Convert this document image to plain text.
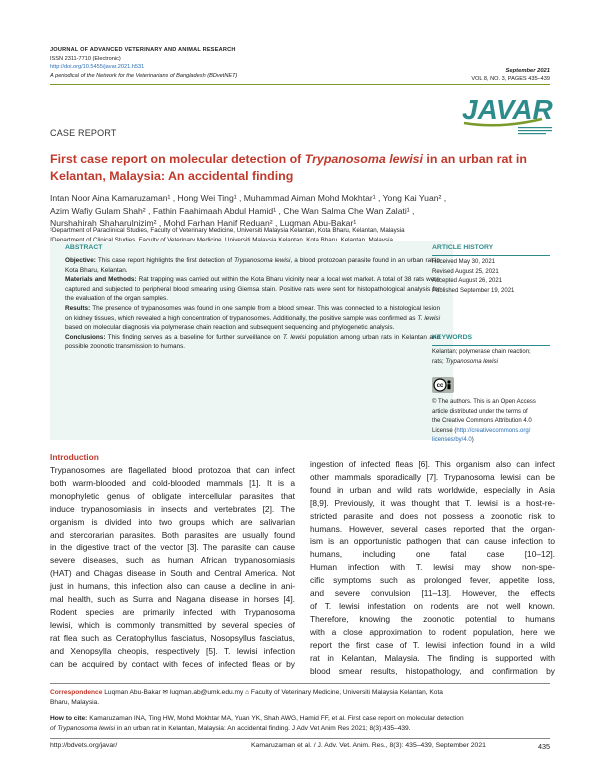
JOURNAL OF ADVANCED VETERINARY AND ANIMAL RESEARCH
ISSN 2311-7710 (Electronic)
http://doi.org/10.5455/javar.2021.h531
A periodical of the Network for the Veterinarians of Bangladesh (BDvetNET)
September 2021
VOL 8, NO. 3, PAGES 435–439
JAVAR
CASE REPORT
First case report on molecular detection of Trypanosoma lewisi in an urban rat in Kelantan, Malaysia: An accidental finding
Intan Noor Aina Kamaruzaman¹ , Hong Wei Ting¹ , Muhammad Aiman Mohd Mokhtar¹ , Yong Kai Yuan² ,
Azim Wafiy Gulam Shah² , Fathin Faahimaah Abdul Hamid¹ , Che Wan Salma Che Wan Zalati¹ ,
Nurshahirah Shaharulnizim² , Mohd Farhan Hanif Reduan² , Luqman Abu-Bakar¹
¹Department of Paraclinical Studies, Faculty of Veterinary Medicine, Universiti Malaysia Kelantan, Kota Bharu, Kelantan, Malaysia
ABSTRACT

Objective: This case report highlights the first detection of Trypanosoma lewisi, a blood protozoan parasite found in an urban rat in Kota Bharu, Kelantan.

Materials and Methods: Rat trapping was carried out within the Kota Bharu vicinity near a local wet market. A total of 38 rats were captured and subjected to peripheral blood smearing using Giemsa stain. Positive rats were sent for histopathological analysis for the evaluation of the organ samples.

Results: The presence of trypanosomes was found in one sample from a blood smear. This was connected to a histological lesion on kidney tissues, which revealed a high concentration of trypanosomes. Additionally, the positive sample was confirmed as T. lewisi based on molecular diagnosis via polymerase chain reaction and subsequent sequencing and phylogenetic analysis.

Conclusions: This finding serves as a baseline for further surveillance on T. lewisi population among urban rats in Kelantan and possible zoonotic transmission to humans.

ARTICLE HISTORY
Received May 30, 2021
Revised August 25, 2021
Accepted August 26, 2021
Published September 19, 2021
KEYWORDS
Kelantan; polymerase chain reaction;
rats; Trypanosoma lewisi
cc
© The authors. This is an Open Access
article distributed under the terms of
the Creative Commons Attribution 4.0
License (http://creativecommons.org/
licenses/by/4.0)
Introduction
Trypanosomes are flagellated blood protozoa that can infect
both warm-blooded and cold-blooded mammals [1]. It is a
monophyletic genus of obligate intercellular parasites that
induce trypanosomiasis in insects and vertebrates [2]. The
organism is divided into two groups which are salivarian
and stercorarian parasites. Both parasites are usually found
in the digestive tract of the vector [3]. The parasite can cause
severe diseases, such as human African trypanosomiasis
(HAT) and Chagas disease in South and Central America. Not
just in humans, this infection also can cause a decline in ani-
mal health, such as Surra and Nagana disease in horses [4].
Rodent species are primarily infected with Trypanosoma
lewisi, which is commonly transmitted by several species of
rat flea such as Ceratophyllus fasciatus, Nosopsyllus fasciatus,
and Xenopsylla cheopis, respectively [5]. T. lewisi infection
can be acquired by contact with feces of infected fleas or by
ingestion of infected fleas [6]. This organism also can infect
other mammals sporadically [7]. Trypanosoma lewisi can be
found in urban and wild rats worldwide, especially in Asia
[8,9]. Previously, it was thought that T. lewisi is a host-re-
stricted parasite and does not possess a zoonotic risk to
humans. However, several cases reported that the organ-
ism is an opportunistic pathogen that can cause infection to
humans, including one fatal case [10–12].
Human infection with T. lewisi may show non-spe-
cific symptoms such as prolonged fever, appetite loss,
and severe convulsion [11–13]. However, the effects
of T. lewisi infestation on rodents are not well known.
Therefore, knowing the zoonotic potential to humans
with a close approximation to rodent population, here we
report the first case of T. lewisi infection found in a wild
rat in Kelantan, Malaysia. The finding is supported with
blood smear results, histopathology, and confirmation by
Correspondence Luqman Abu-Bakar ✉ luqman.ab@umk.edu.my ⌂ Faculty of Veterinary Medicine, Universiti Malaysia Kelantan, Kota
Bharu, Malaysia.
How to cite: Kamaruzaman INA, Ting HW, Mohd Mokhtar MA, Yuan YK, Shah AWG, Hamid FF, et al. First case report on molecular detection
of Trypanosoma lewisi in an urban rat in Kelantan, Malaysia: An accidental finding. J Adv Vet Anim Res 2021; 8(3):435–439.
http://bdvets.org/javar/	Kamaruzaman et al. / J. Adv. Vet. Anim. Res., 8(3): 435–439, September 2021	435
